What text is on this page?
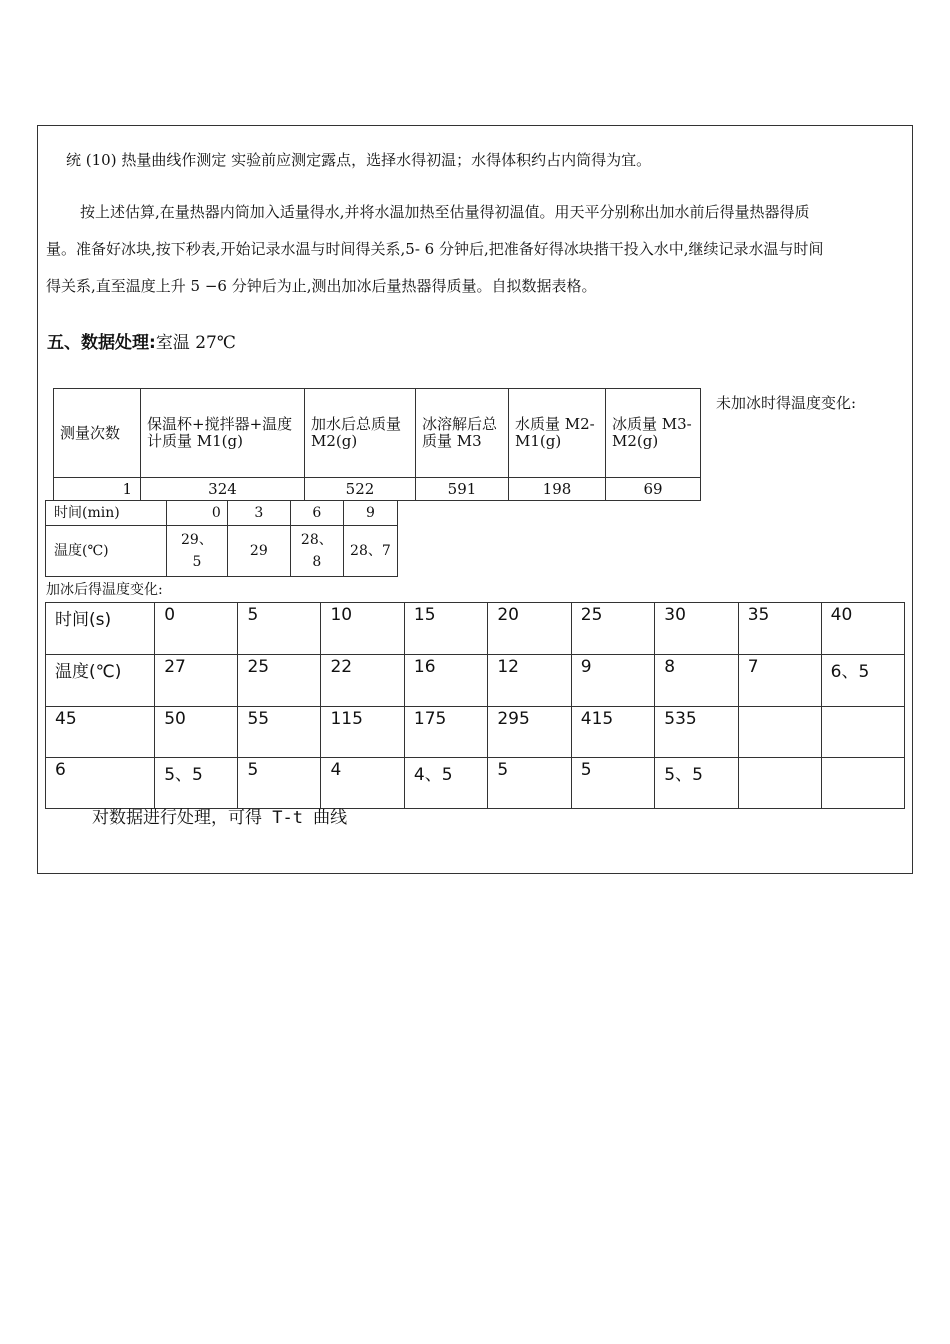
统 (10) 热量曲线作测定 实验前应测定露点，选择水得初温；水得体积约占内筒得为宜。
按上述估算,在量热器内筒加入适量得水,并将水温加热至估量得初温值。用天平分别称出加水前后得量热器得质
量。准备好冰块,按下秒表,开始记录水温与时间得关系,5- 6 分钟后,把准备好得冰块揩干投入水中,继续记录水温与时间
得关系,直至温度上升 5 −6 分钟后为止,测出加冰后量热器得质量。自拟数据表格。
五、数据处理:室温 27℃
测量次数	保温杯+搅拌器+温度计质量 M1(g)	加水后总质量 M2(g)	冰溶解后总质量 M3	水质量 M2-M1(g)	冰质量 M3-M2(g)
1	324	522	591	198	69
未加冰时得温度变化:
时间(min)	0	3	6	9
温度(℃)	29、5	29	28、8	28、7
加冰后得温度变化:
时间(s)	0	5	10	15	20	25	30	35	40
温度(℃)	27	25	22	16	12	9	8	7	6、5
45	50	55	115	175	295	415	535		
6	5、5	5	4	4、5	5	5	5、5		
对数据进行处理，可得 T-t 曲线
